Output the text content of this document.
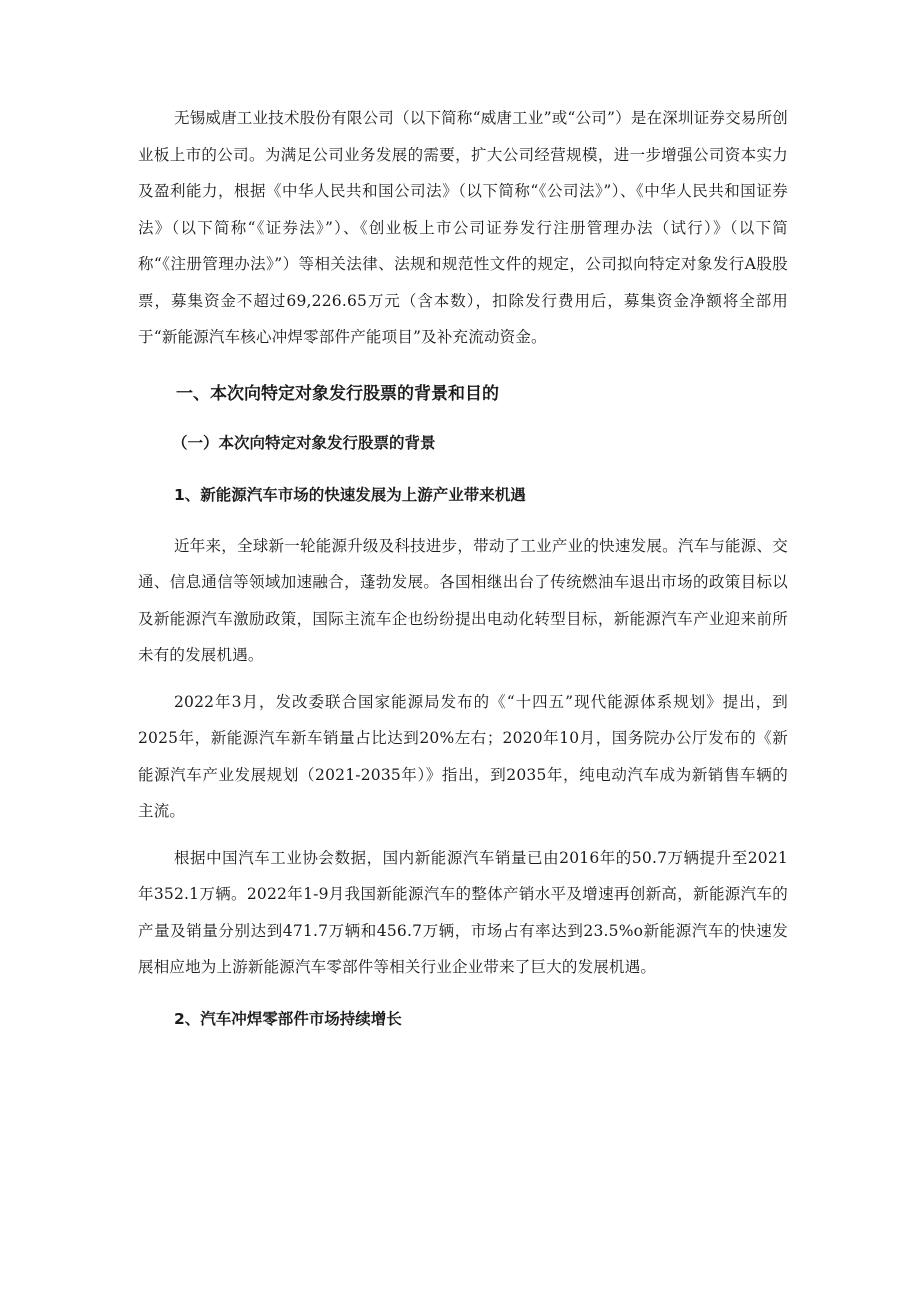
无锡威唐工业技术股份有限公司（以下简称“威唐工业”或“公司”）是在深圳证券交易所创业板上市的公司。为满足公司业务发展的需要，扩大公司经营规模，进一步增强公司资本实力及盈利能力，根据《中华人民共和国公司法》（以下简称“《公司法》”）、《中华人民共和国证券法》（以下简称“《证券法》”）、《创业板上市公司证券发行注册管理办法（试行）》（以下简称“《注册管理办法》”）等相关法律、法规和规范性文件的规定，公司拟向特定对象发行A股股票，募集资金不超过69,226.65万元（含本数），扣除发行费用后，募集资金净额将全部用于“新能源汽车核心冲焊零部件产能项目”及补充流动资金。

一、本次向特定对象发行股票的背景和目的
（一）本次向特定对象发行股票的背景
1、新能源汽车市场的快速发展为上游产业带来机遇

近年来，全球新一轮能源升级及科技进步，带动了工业产业的快速发展。汽车与能源、交通、信息通信等领域加速融合，蓬勃发展。各国相继出台了传统燃油车退出市场的政策目标以及新能源汽车激励政策，国际主流车企也纷纷提出电动化转型目标，新能源汽车产业迎来前所未有的发展机遇。

2022年3月，发改委联合国家能源局发布的《“十四五”现代能源体系规划》提出，到2025年，新能源汽车新车销量占比达到20%左右；2020年10月，国务院办公厅发布的《新能源汽车产业发展规划（2021-2035年）》指出，到2035年，纯电动汽车成为新销售车辆的主流。

根据中国汽车工业协会数据，国内新能源汽车销量已由2016年的50.7万辆提升至2021年352.1万辆。2022年1-9月我国新能源汽车的整体产销水平及增速再创新高，新能源汽车的产量及销量分别达到471.7万辆和456.7万辆，市场占有率达到23.5%o新能源汽车的快速发展相应地为上游新能源汽车零部件等相关行业企业带来了巨大的发展机遇。

2、汽车冲焊零部件市场持续增长
